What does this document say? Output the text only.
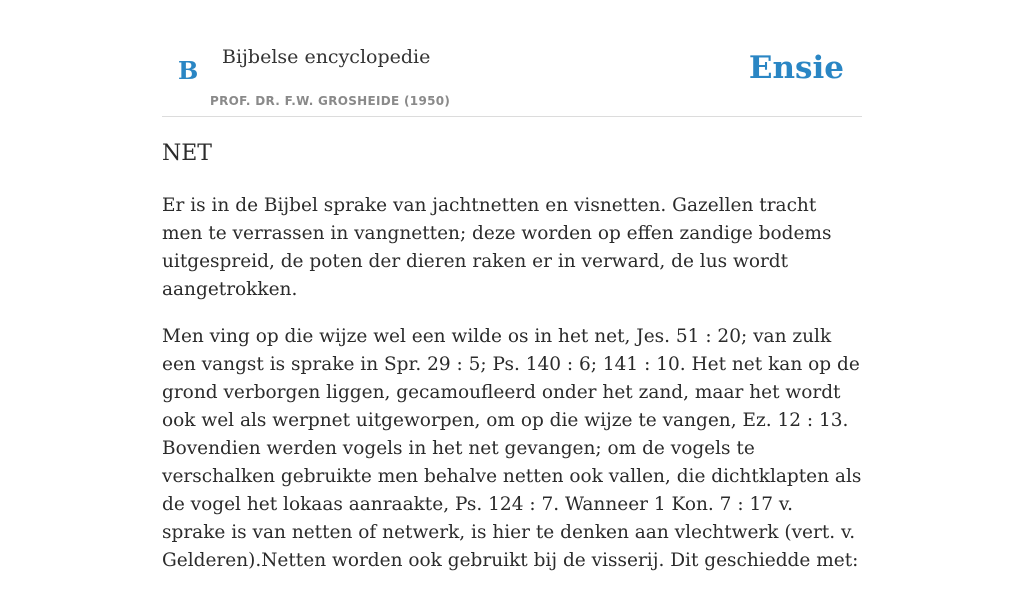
B Bijbelse encyclopedie
PROF. DR. F.W. GROSHEIDE (1950)
Ensie
NET

Er is in de Bijbel sprake van jachtnetten en visnetten. Gazellen tracht men te verrassen in vangnetten; deze worden op effen zandige bodems uitgespreid, de poten der dieren raken er in verward, de lus wordt aangetrokken.

Men ving op die wijze wel een wilde os in het net, Jes. 51 : 20; van zulk een vangst is sprake in Spr. 29 : 5; Ps. 140 : 6; 141 : 10. Het net kan op de grond verborgen liggen, gecamoufleerd onder het zand, maar het wordt ook wel als werpnet uitgeworpen, om op die wijze te vangen, Ez. 12 : 13. Bovendien werden vogels in het net gevangen; om de vogels te verschalken gebruikte men behalve netten ook vallen, die dichtklapten als de vogel het lokaas aanraakte, Ps. 124 : 7. Wanneer 1 Kon. 7 : 17 v. sprake is van netten of netwerk, is hier te denken aan vlechtwerk (vert. v. Gelderen).Netten worden ook gebruikt bij de visserij. Dit geschiedde met:
